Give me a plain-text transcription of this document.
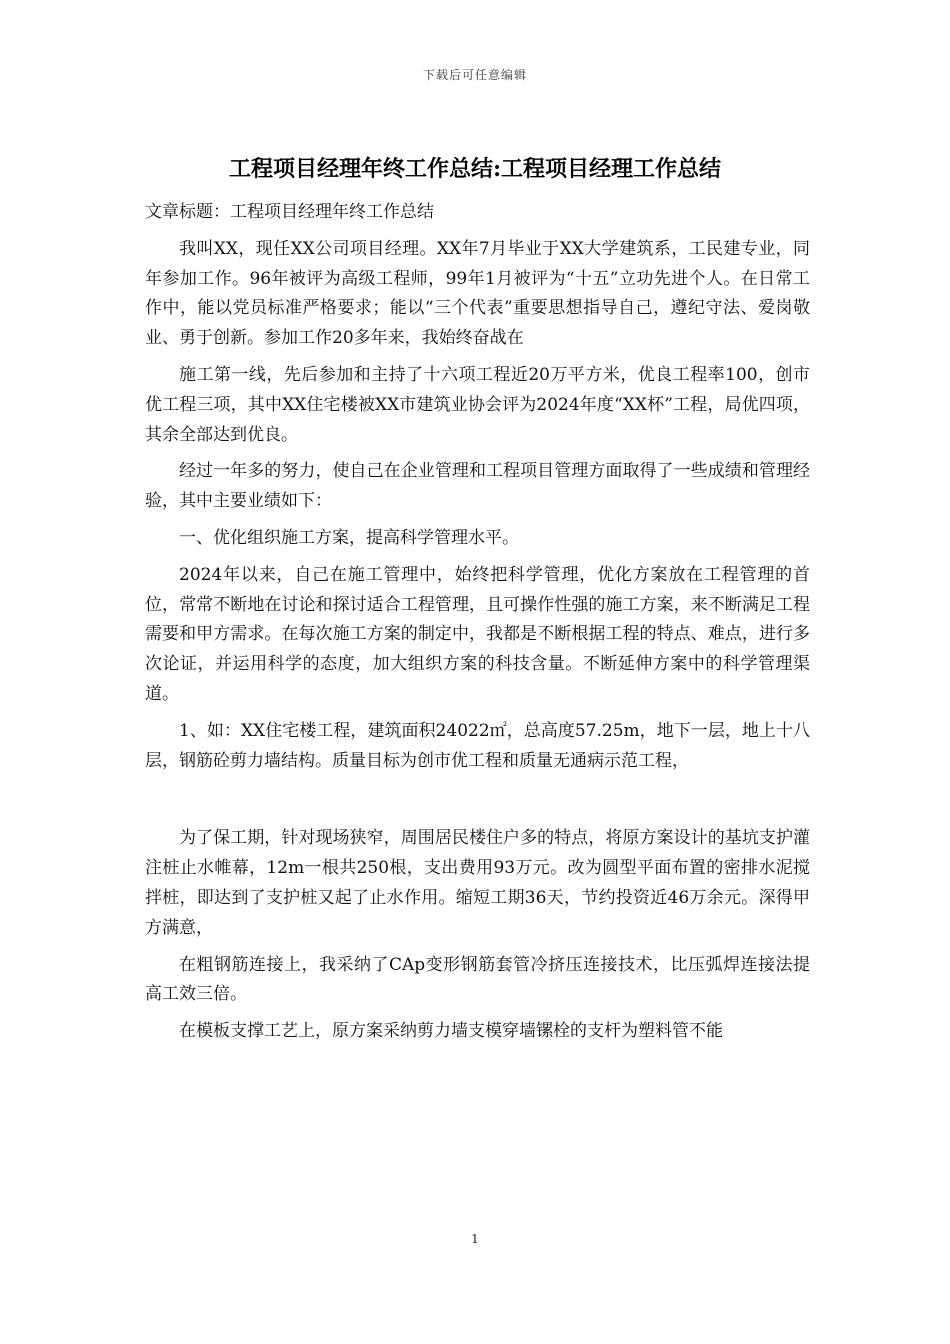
下载后可任意编辑
工程项目经理年终工作总结:工程项目经理工作总结

文章标题：工程项目经理年终工作总结

我叫XX，现任XX公司项目经理。XX年7月毕业于XX大学建筑系，工民建专业，同年参加工作。96年被评为高级工程师，99年1月被评为“十五”立功先进个人。在日常工作中，能以党员标准严格要求；能以“三个代表”重要思想指导自己，遵纪守法、爱岗敬业、勇于创新。参加工作20多年来，我始终奋战在

施工第一线，先后参加和主持了十六项工程近20万平方米，优良工程率100，创市优工程三项，其中XX住宅楼被XX市建筑业协会评为2024年度“XX杯”工程，局优四项，其余全部达到优良。

经过一年多的努力，使自己在企业管理和工程项目管理方面取得了一些成绩和管理经验，其中主要业绩如下：

一、优化组织施工方案，提高科学管理水平。

2024年以来，自己在施工管理中，始终把科学管理，优化方案放在工程管理的首位，常常不断地在讨论和探讨适合工程管理，且可操作性强的施工方案，来不断满足工程需要和甲方需求。在每次施工方案的制定中，我都是不断根据工程的特点、难点，进行多次论证，并运用科学的态度，加大组织方案的科技含量。不断延伸方案中的科学管理渠道。

1、如：XX住宅楼工程，建筑面积24022㎡，总高度57.25m，地下一层，地上十八层，钢筋砼剪力墙结构。质量目标为创市优工程和质量无通病示范工程，

为了保工期，针对现场狭窄，周围居民楼住户多的特点，将原方案设计的基坑支护灌注桩止水帷幕，12m一根共250根，支出费用93万元。改为圆型平面布置的密排水泥搅拌桩，即达到了支护桩又起了止水作用。缩短工期36天，节约投资近46万余元。深得甲方满意，

在粗钢筋连接上，我采纳了CAp变形钢筋套管冷挤压连接技术，比压弧焊连接法提高工效三倍。

在模板支撑工艺上，原方案采纳剪力墙支模穿墙镙栓的支杆为塑料管不能

1
